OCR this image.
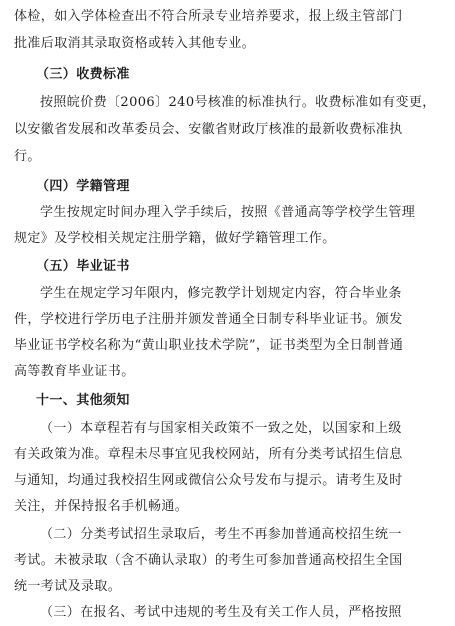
体检，如入学体检查出不符合所录专业培养要求，报上级主管部门
批准后取消其录取资格或转入其他专业。
（三）收费标准
按照皖价费〔2006〕240号核准的标准执行。收费标准如有变更，
以安徽省发展和改革委员会、安徽省财政厅核准的最新收费标准执
行。
（四）学籍管理
学生按规定时间办理入学手续后，按照《普通高等学校学生管理
规定》及学校相关规定注册学籍，做好学籍管理工作。
（五）毕业证书
学生在规定学习年限内，修完教学计划规定内容，符合毕业条
件，学校进行学历电子注册并颁发普通全日制专科毕业证书。颁发
毕业证书学校名称为“黄山职业技术学院”，证书类型为全日制普通
高等教育毕业证书。
十一、其他须知
（一）本章程若有与国家相关政策不一致之处，以国家和上级
有关政策为准。章程未尽事宜见我校网站，所有分类考试招生信息
与通知，均通过我校招生网或微信公众号发布与提示。请考生及时
关注，并保持报名手机畅通。
（二）分类考试招生录取后，考生不再参加普通高校招生统一
考试。未被录取（含不确认录取）的考生可参加普通高校招生全国
统一考试及录取。
（三）在报名、考试中违规的考生及有关工作人员，严格按照
